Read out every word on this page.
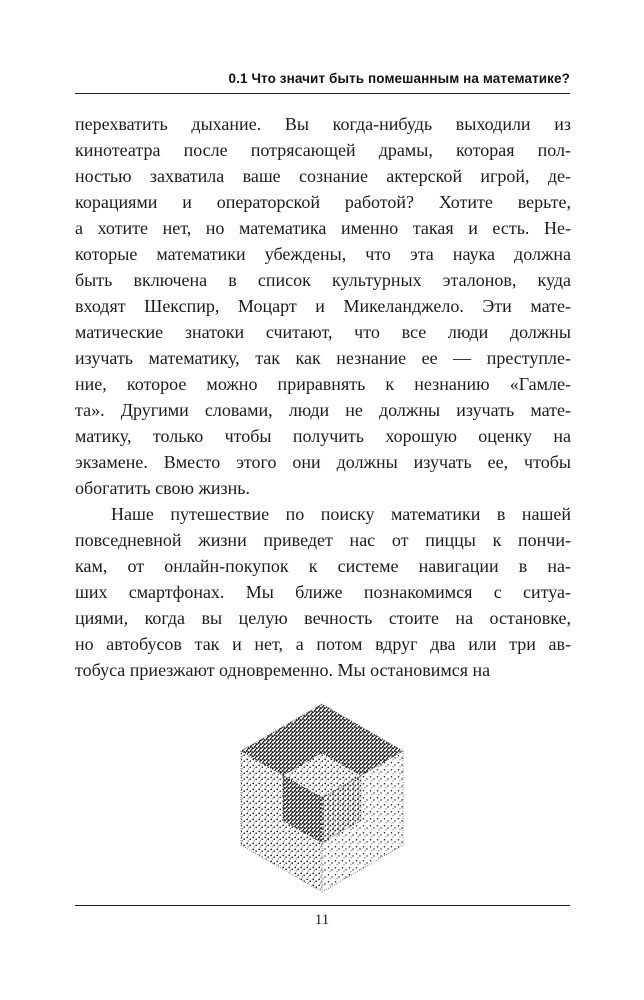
0.1 Что значит быть помешанным на математике?
перехватить дыхание. Вы когда-нибудь выходили из
кинотеатра после потрясающей драмы, которая пол-
ностью захватила ваше сознание актерской игрой, де-
корациями и операторской работой? Хотите верьте,
а хотите нет, но математика именно такая и есть. Не-
которые математики убеждены, что эта наука должна
быть включена в список культурных эталонов, куда
входят Шекспир, Моцарт и Микеланджело. Эти мате-
матические знатоки считают, что все люди должны
изучать математику, так как незнание ее — преступле-
ние, которое можно приравнять к незнанию «Гамле-
та». Другими словами, люди не должны изучать мате-
матику, только чтобы получить хорошую оценку на
экзамене. Вместо этого они должны изучать ее, чтобы
обогатить свою жизнь.
Наше путешествие по поиску математики в нашей
повседневной жизни приведет нас от пиццы к пончи-
кам, от онлайн-покупок к системе навигации в на-
ших смартфонах. Мы ближе познакомимся с ситуа-
циями, когда вы целую вечность стоите на остановке,
но автобусов так и нет, а потом вдруг два или три ав-
тобуса приезжают одновременно. Мы остановимся на
11
